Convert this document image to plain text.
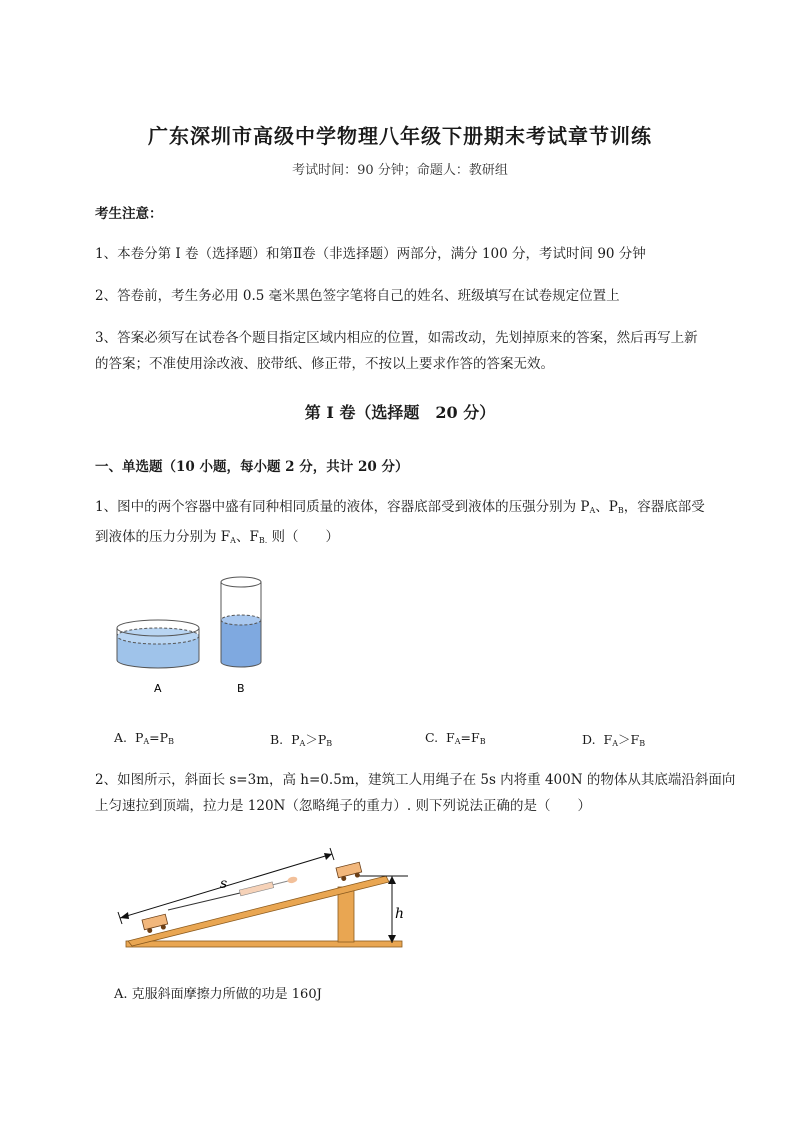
广东深圳市高级中学物理八年级下册期末考试章节训练
考试时间：90 分钟；命题人：教研组
考生注意：
1、本卷分第 I 卷（选择题）和第Ⅱ卷（非选择题）两部分，满分 100 分，考试时间 90 分钟
2、答卷前，考生务必用 0.5 毫米黑色签字笔将自己的姓名、班级填写在试卷规定位置上
3、答案必须写在试卷各个题目指定区域内相应的位置，如需改动，先划掉原来的答案，然后再写上新的答案；不准使用涂改液、胶带纸、修正带，不按以上要求作答的答案无效。
第 I 卷（选择题　20 分）
一、单选题（10 小题，每小题 2 分，共计 20 分）
1、图中的两个容器中盛有同种相同质量的液体，容器底部受到液体的压强分别为 $P_A$、$P_B$，容器底部受
到液体的压力分别为 $F_A$、$F_{B.}$ 则（　　）
A	B
A. $P_A=P_B$	B. $P_A>P_B$	C. $F_A=F_B$	D. $F_A>F_B$
2、如图所示，斜面长 s=3m，高 h=0.5m，建筑工人用绳子在 5s 内将重 400N 的物体从其底端沿斜面向
上匀速拉到顶端，拉力是 120N（忽略绳子的重力）. 则下列说法正确的是（　　）
s
h
A. 克服斜面摩擦力所做的功是 160J
